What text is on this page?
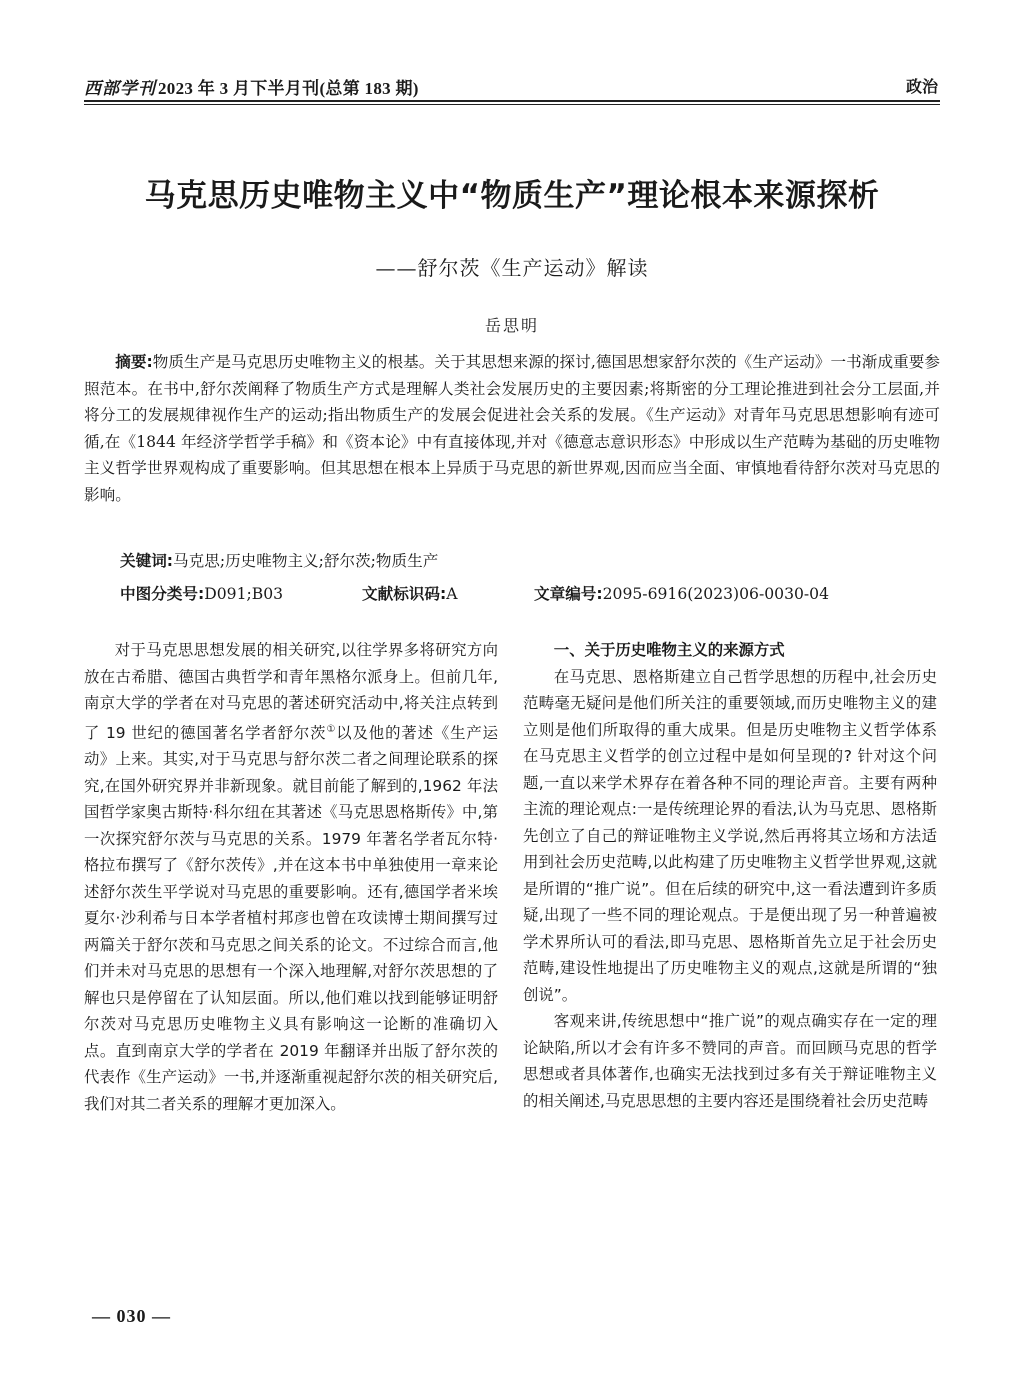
西部学刊 2023 年 3 月下半月刊(总第 183 期)	政治
马克思历史唯物主义中“物质生产”理论根本来源探析
——舒尔茨《生产运动》解读
岳思明

摘要:物质生产是马克思历史唯物主义的根基。关于其思想来源的探讨,德国思想家舒尔茨的《生产运动》一书渐成重要参照范本。在书中,舒尔茨阐释了物质生产方式是理解人类社会发展历史的主要因素;将斯密的分工理论推进到社会分工层面,并将分工的发展规律视作生产的运动;指出物质生产的发展会促进社会关系的发展。《生产运动》对青年马克思思想影响有迹可循,在《1844 年经济学哲学手稿》和《资本论》中有直接体现,并对《德意志意识形态》中形成以生产范畴为基础的历史唯物主义哲学世界观构成了重要影响。但其思想在根本上异质于马克思的新世界观,因而应当全面、审慎地看待舒尔茨对马克思的影响。

关键词:马克思;历史唯物主义;舒尔茨;物质生产
中图分类号:D091;B03	文献标识码:A	文章编号:2095-6916(2023)06-0030-04

对于马克思思想发展的相关研究,以往学界多将研究方向放在古希腊、德国古典哲学和青年黑格尔派身上。但前几年,南京大学的学者在对马克思的著述研究活动中,将关注点转到了 19 世纪的德国著名学者舒尔茨①以及他的著述《生产运动》上来。其实,对于马克思与舒尔茨二者之间理论联系的探究,在国外研究界并非新现象。就目前能了解到的,1962 年法国哲学家奥古斯特·科尔纽在其著述《马克思恩格斯传》中,第一次探究舒尔茨与马克思的关系。1979 年著名学者瓦尔特·格拉布撰写了《舒尔茨传》,并在这本书中单独使用一章来论述舒尔茨生平学说对马克思的重要影响。还有,德国学者米埃夏尔·沙利希与日本学者植村邦彦也曾在攻读博士期间撰写过两篇关于舒尔茨和马克思之间关系的论文。不过综合而言,他们并未对马克思的思想有一个深入地理解,对舒尔茨思想的了解也只是停留在了认知层面。所以,他们难以找到能够证明舒尔茨对马克思历史唯物主义具有影响这一论断的准确切入点。直到南京大学的学者在 2019 年翻译并出版了舒尔茨的代表作《生产运动》一书,并逐渐重视起舒尔茨的相关研究后,我们对其二者关系的理解才更加深入。

一、关于历史唯物主义的来源方式

在马克思、恩格斯建立自己哲学思想的历程中,社会历史范畴毫无疑问是他们所关注的重要领域,而历史唯物主义的建立则是他们所取得的重大成果。但是历史唯物主义哲学体系在马克思主义哲学的创立过程中是如何呈现的? 针对这个问题,一直以来学术界存在着各种不同的理论声音。主要有两种主流的理论观点:一是传统理论界的看法,认为马克思、恩格斯先创立了自己的辩证唯物主义学说,然后再将其立场和方法适用到社会历史范畴,以此构建了历史唯物主义哲学世界观,这就是所谓的“推广说”。但在后续的研究中,这一看法遭到许多质疑,出现了一些不同的理论观点。于是便出现了另一种普遍被学术界所认可的看法,即马克思、恩格斯首先立足于社会历史范畴,建设性地提出了历史唯物主义的观点,这就是所谓的“独创说”。

客观来讲,传统思想中“推广说”的观点确实存在一定的理论缺陷,所以才会有许多不赞同的声音。而回顾马克思的哲学思想或者具体著作,也确实无法找到过多有关于辩证唯物主义的相关阐述,马克思思想的主要内容还是围绕着社会历史范畴

— 030 —
